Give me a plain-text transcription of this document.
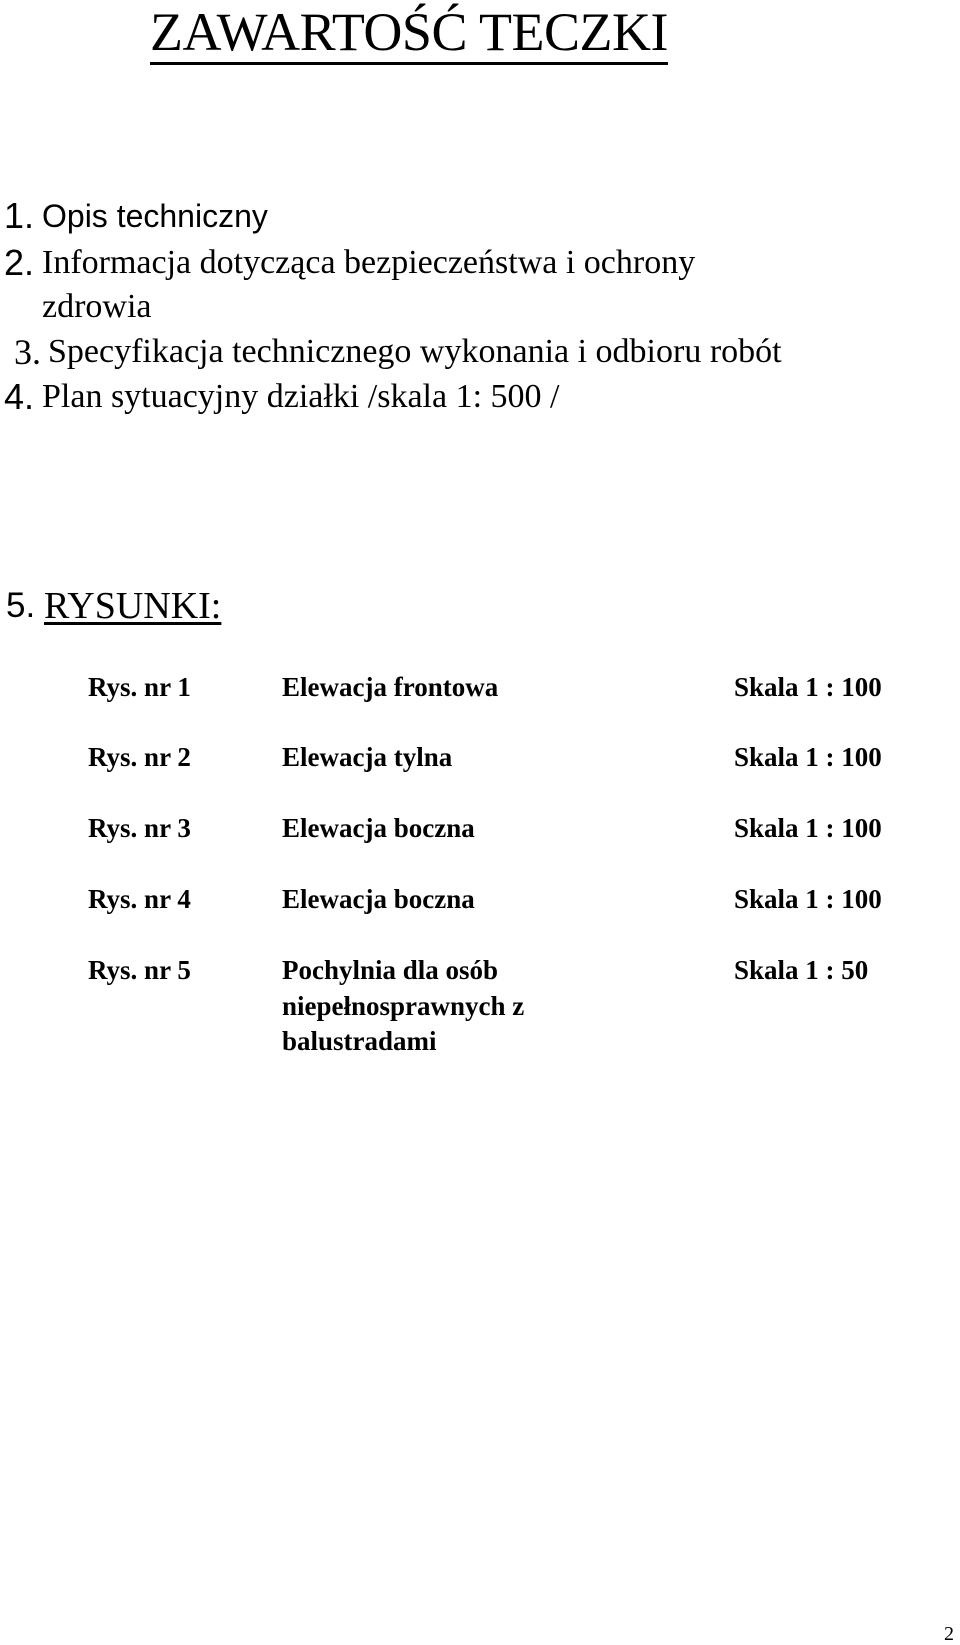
ZAWARTOŚĆ TECZKI
1. Opis techniczny
2. Informacja dotycząca bezpieczeństwa i ochrony
zdrowia
3. Specyfikacja technicznego wykonania i odbioru robót
4. Plan sytuacyjny działki /skala 1: 500 /
5. RYSUNKI:
Rys. nr 1	Elewacja frontowa	Skala 1 : 100
Rys. nr 2	Elewacja tylna	Skala 1 : 100
Rys. nr 3	Elewacja boczna	Skala 1 : 100
Rys. nr 4	Elewacja boczna	Skala 1 : 100
Rys. nr 5	Pochylnia dla osób
niepełnosprawnych z
balustradami
Skala 1 : 50
2
